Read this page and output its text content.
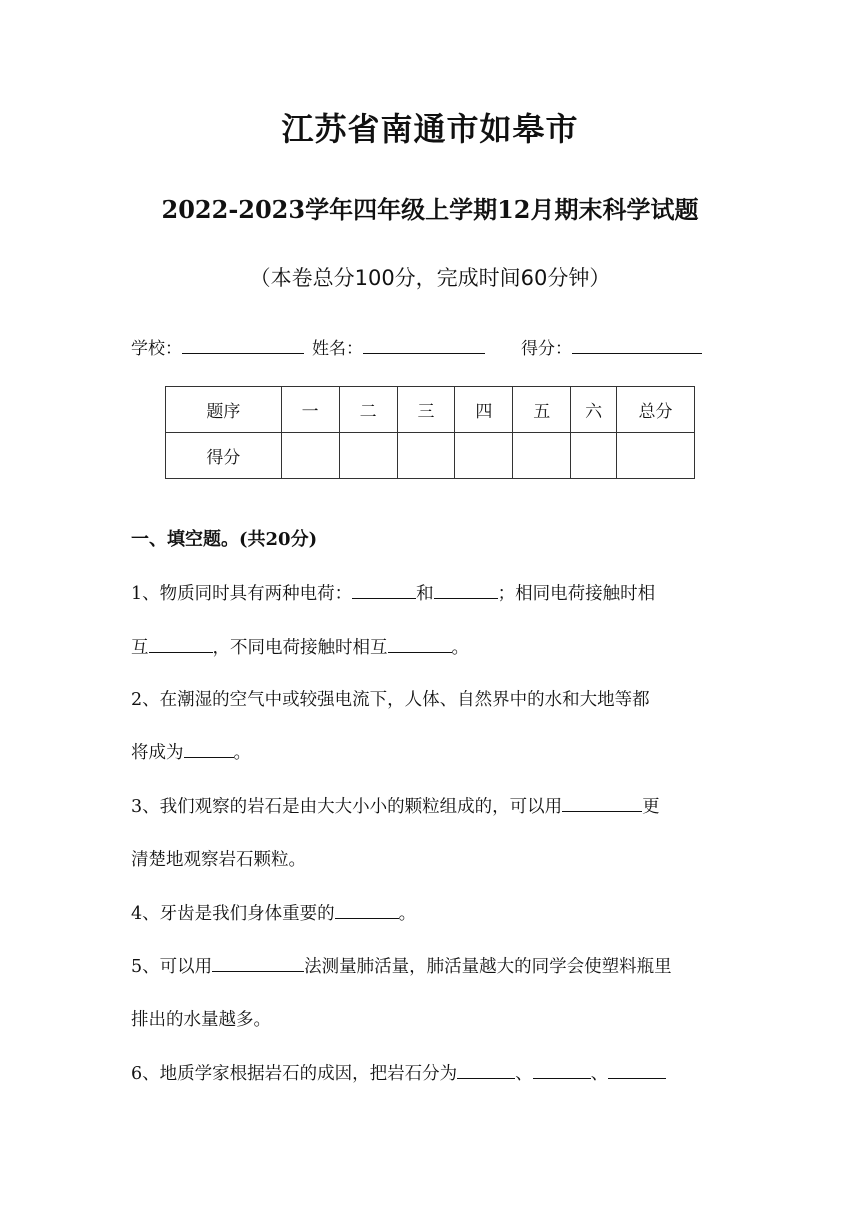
江苏省南通市如皋市
2022-2023学年四年级上学期12月期末科学试题
（本卷总分100分，完成时间60分钟）
学校：	姓名：	得分：
题序	一	二	三	四	五	六	总分
得分							
一、填空题。(共20分)
1、物质同时具有两种电荷：	和	；相同电荷接触时相
互	，不同电荷接触时相互	。
2、在潮湿的空气中或较强电流下，人体、自然界中的水和大地等都
将成为	。
3、我们观察的岩石是由大大小小的颗粒组成的，可以用	更
清楚地观察岩石颗粒。
4、牙齿是我们身体重要的	。
5、可以用	法测量肺活量，肺活量越大的同学会使塑料瓶里
排出的水量越多。
6、地质学家根据岩石的成因，把岩石分为	、	、
